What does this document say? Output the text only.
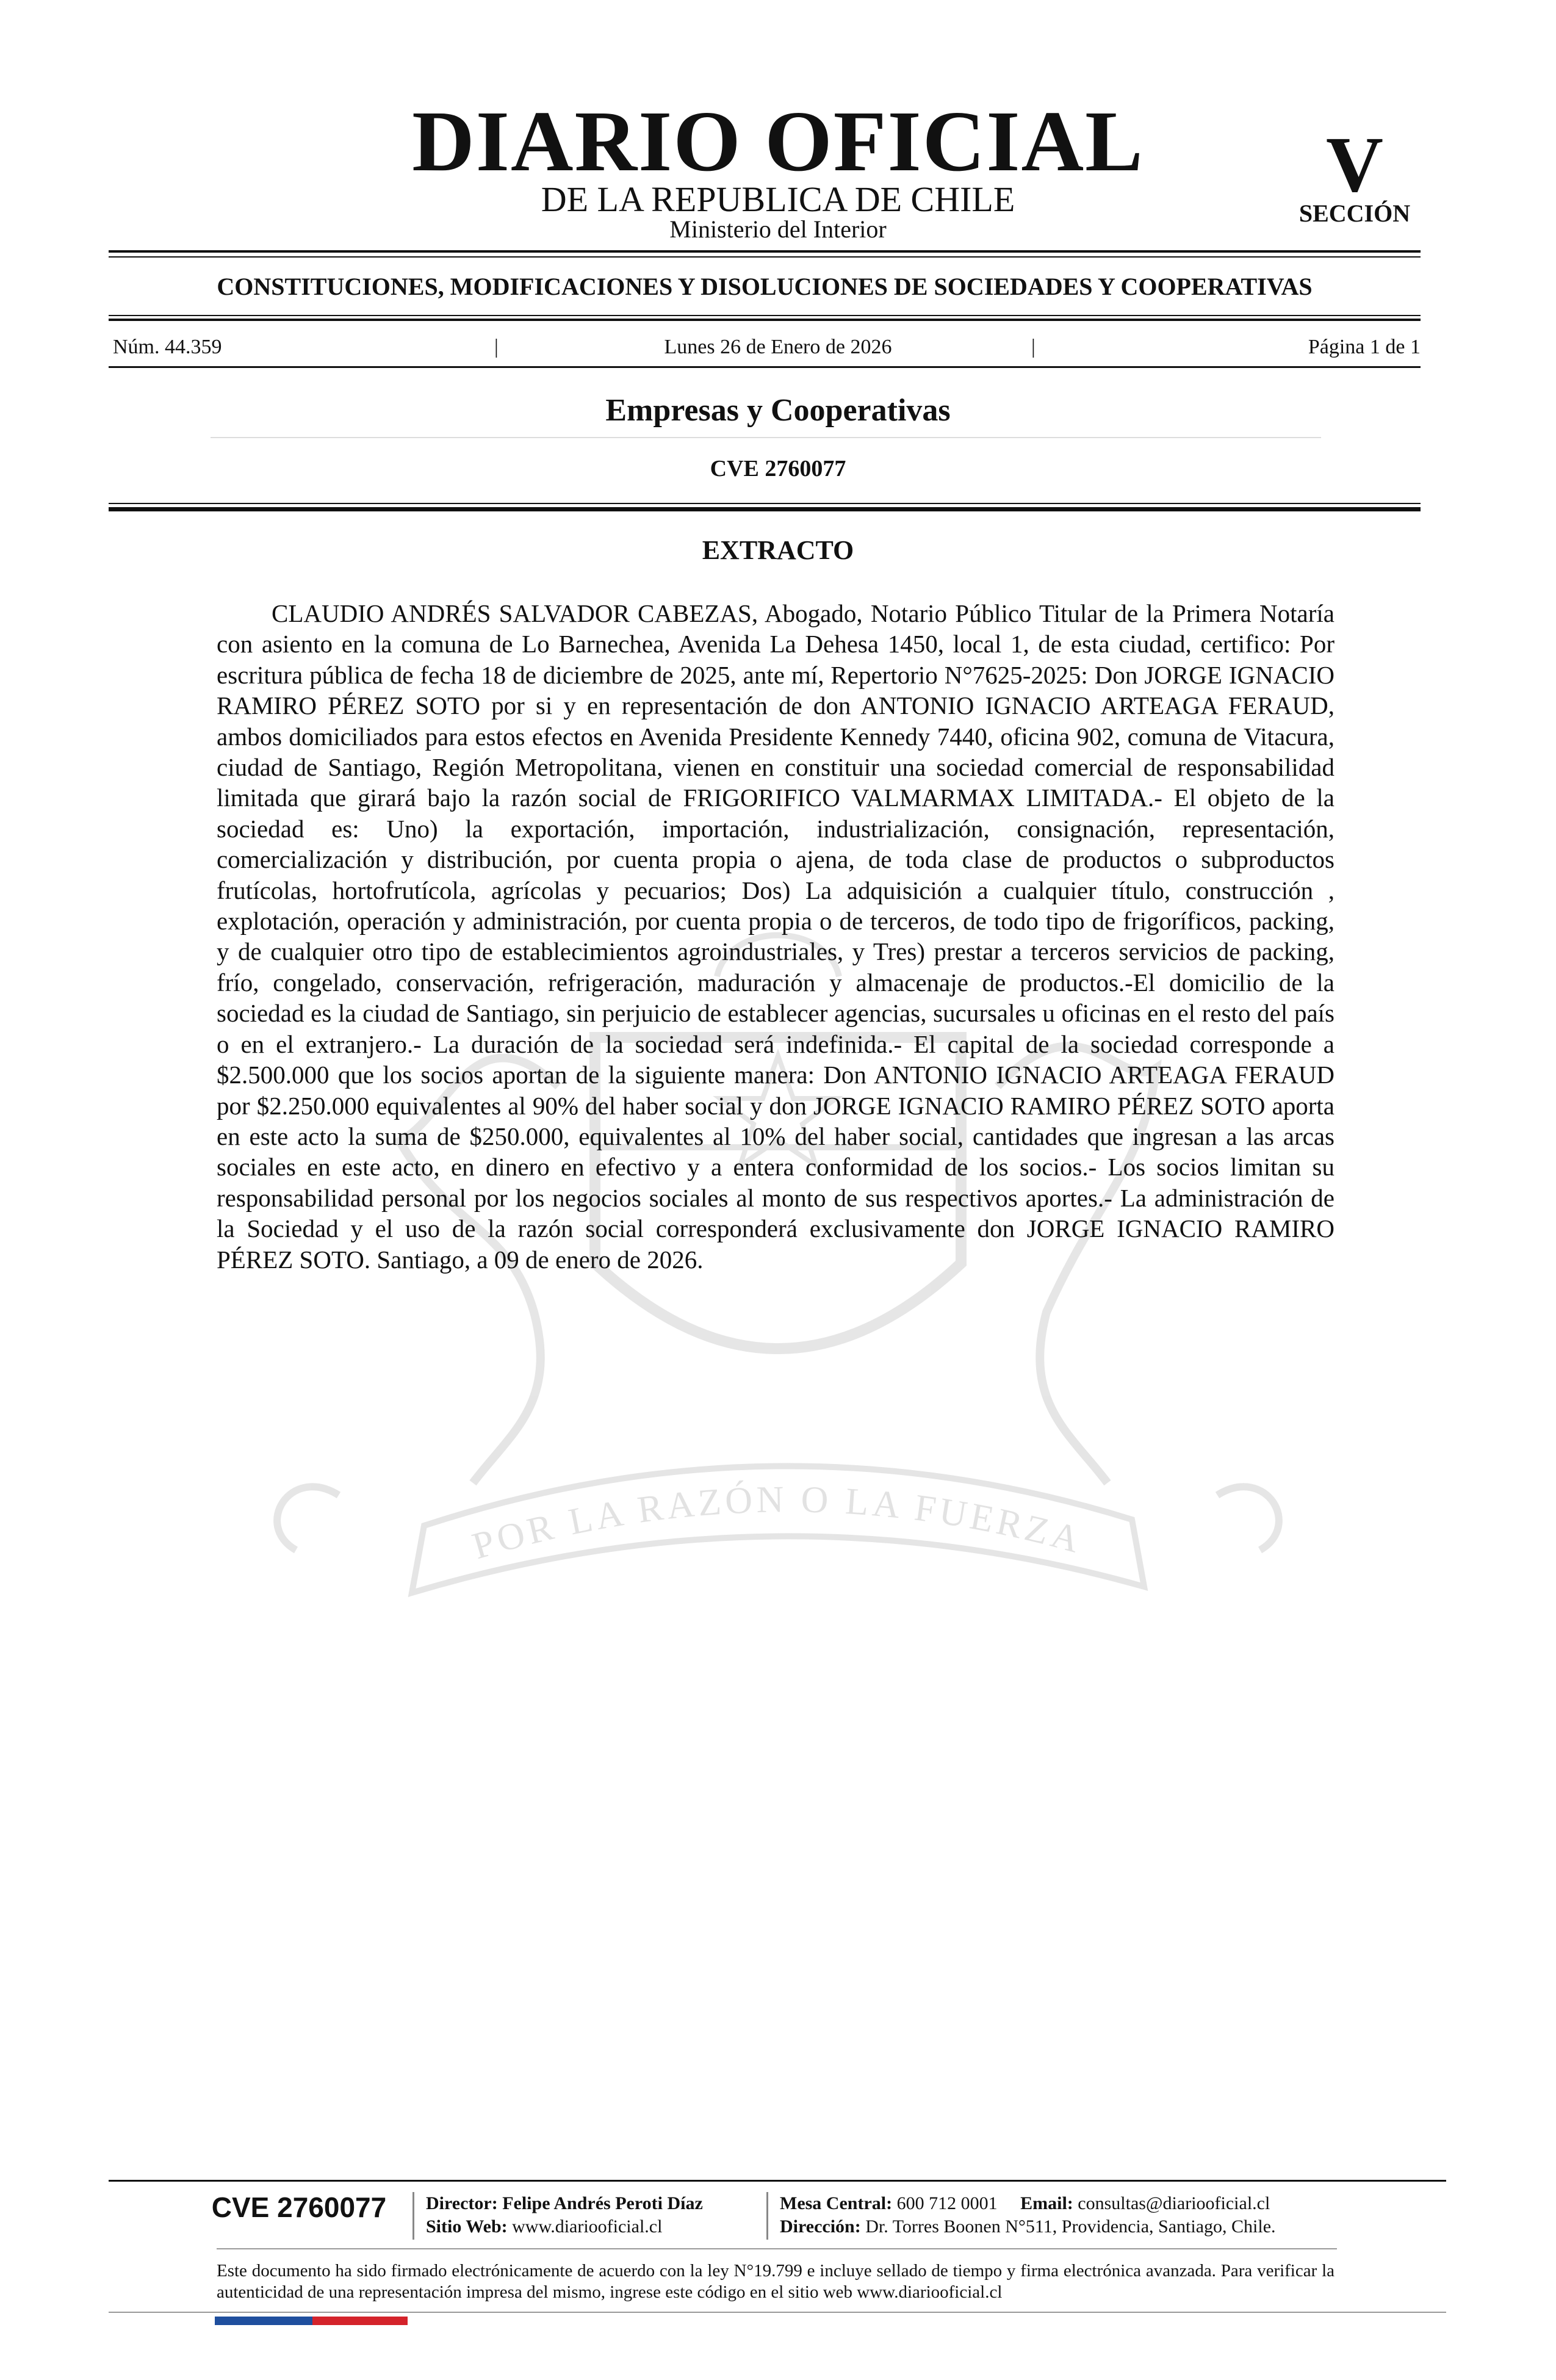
POR LA RAZÓN O LA FUERZA
DIARIO OFICIAL
DE LA REPUBLICA DE CHILE
Ministerio del Interior
V
SECCIÓN
CONSTITUCIONES, MODIFICACIONES Y DISOLUCIONES DE SOCIEDADES Y COOPERATIVAS
Núm. 44.359	|	Lunes 26 de Enero de 2026	|	Página 1 de 1
Empresas y Cooperativas
CVE 2760077
EXTRACTO

CLAUDIO ANDRÉS SALVADOR CABEZAS, Abogado, Notario Público Titular de la Primera Notaría con asiento en la comuna de Lo Barnechea, Avenida La Dehesa 1450, local 1, de esta ciudad, certifico: Por escritura pública de fecha 18 de diciembre de 2025, ante mí, Repertorio N°7625-2025: Don JORGE IGNACIO RAMIRO PÉREZ SOTO por si y en representación de don ANTONIO IGNACIO ARTEAGA FERAUD, ambos domiciliados para estos efectos en Avenida Presidente Kennedy 7440, oficina 902, comuna de Vitacura, ciudad de Santiago, Región Metropolitana, vienen en constituir una sociedad comercial de responsabilidad limitada que girará bajo la razón social de FRIGORIFICO VALMARMAX LIMITADA.- El objeto de la sociedad es: Uno) la exportación, importación, industrialización, consignación, representación, comercialización y distribución, por cuenta propia o ajena, de toda clase de productos o subproductos frutícolas, hortofrutícola, agrícolas y pecuarios; Dos) La adquisición a cualquier título, construcción , explotación, operación y administración, por cuenta propia o de terceros, de todo tipo de frigoríficos, packing, y de cualquier otro tipo de establecimientos agroindustriales, y Tres) prestar a terceros servicios de packing, frío, congelado, conservación, refrigeración, maduración y almacenaje de productos.-El domicilio de la sociedad es la ciudad de Santiago, sin perjuicio de establecer agencias, sucursales u oficinas en el resto del país o en el extranjero.- La duración de la sociedad será indefinida.- El capital de la sociedad corresponde a $2.500.000 que los socios aportan de la siguiente manera: Don ANTONIO IGNACIO ARTEAGA FERAUD por $2.250.000 equivalentes al 90% del haber social y don JORGE IGNACIO RAMIRO PÉREZ SOTO aporta en este acto la suma de $250.000, equivalentes al 10% del haber social, cantidades que ingresan a las arcas sociales en este acto, en dinero en efectivo y a entera conformidad de los socios.- Los socios limitan su responsabilidad personal por los negocios sociales al monto de sus respectivos aportes.- La administración de la Sociedad y el uso de la razón social corresponderá exclusivamente don JORGE IGNACIO RAMIRO PÉREZ SOTO. Santiago, a 09 de enero de 2026.

CVE 2760077	Director: Felipe Andrés Peroti Díaz
Sitio Web: www.diariooficial.cl
Mesa Central: 600 712 0001 Email: consultas@diariooficial.cl
Dirección: Dr. Torres Boonen N°511, Providencia, Santiago, Chile.

Este documento ha sido firmado electrónicamente de acuerdo con la ley N°19.799 e incluye sellado de tiempo y firma electrónica avanzada. Para verificar la autenticidad de una representación impresa del mismo, ingrese este código en el sitio web www.diariooficial.cl
